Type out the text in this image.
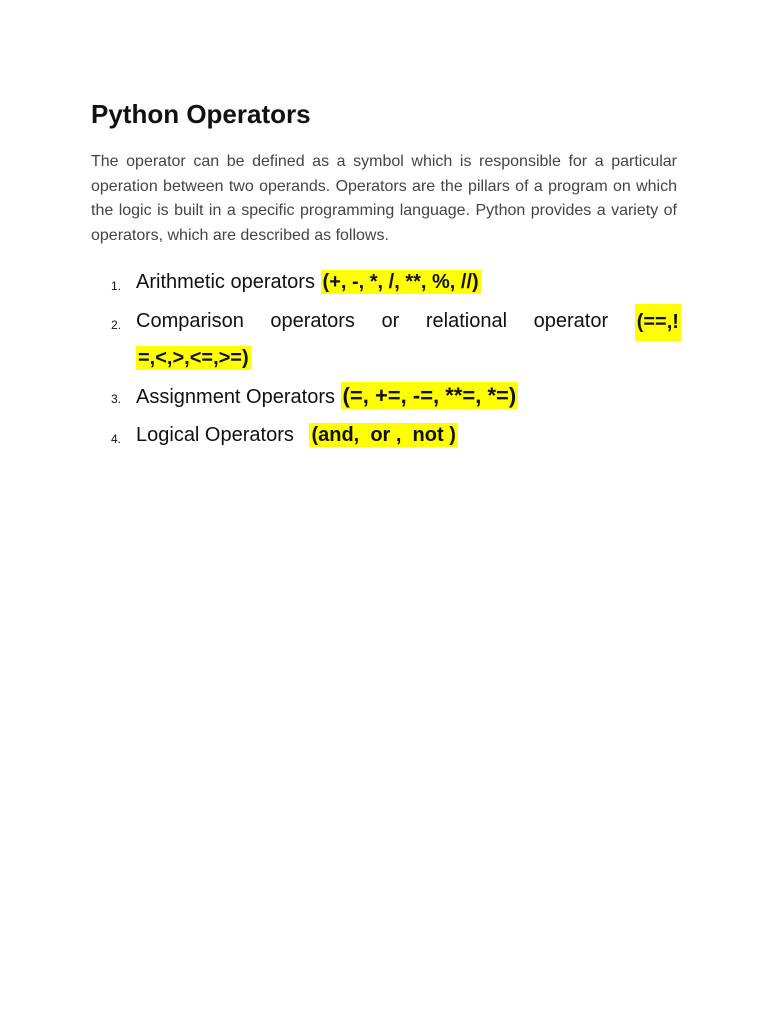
Python Operators

The operator can be defined as a symbol which is responsible for a particular operation between two operands. Operators are the pillars of a program on which the logic is built in a specific programming language. Python provides a variety of operators, which are described as follows.

1. Arithmetic operators (+, -, *, /, **, %, //)
2. Comparison operators or relational operator (==,!
=,<,>,<=,>=)
3. Assignment Operators (=, +=, -=, **=, *=)
4. Logical Operators (and,  or ,  not )
